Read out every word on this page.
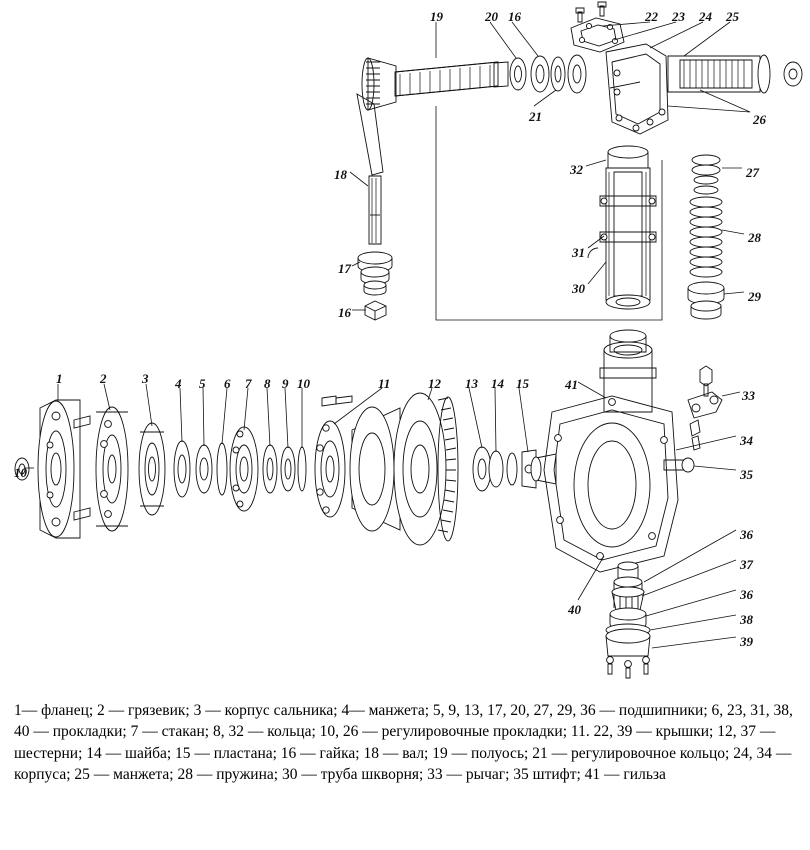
1	2	3 4 5 6 7 8 9 10	11	12 13 14 15
16
17
18
19	20 16
21
22 23 24 25
26
27
28
29
30
31
32
33
34
35
36
37
36
38
39
40
41
10
1— фланец; 2 — грязевик; 3 — корпус сальника; 4— манжета; 5, 9, 13, 17, 20, 27, 29, 36 — подшипники; 6, 23, 31, 38, 40 — прокладки; 7 — стакан; 8, 32 — кольца; 10, 26 — регулировочные прокладки; 11. 22, 39 — крышки; 12, 37 — шестерни; 14 — шайба; 15 — пластана; 16 — гайка; 18 — вал; 19 — полуось; 21 — регулировочное кольцо; 24, 34 — корпуса; 25 — манжета; 28 — пружина; 30 — труба шкворня; 33 — рычаг; 35 штифт; 41 — гильза
